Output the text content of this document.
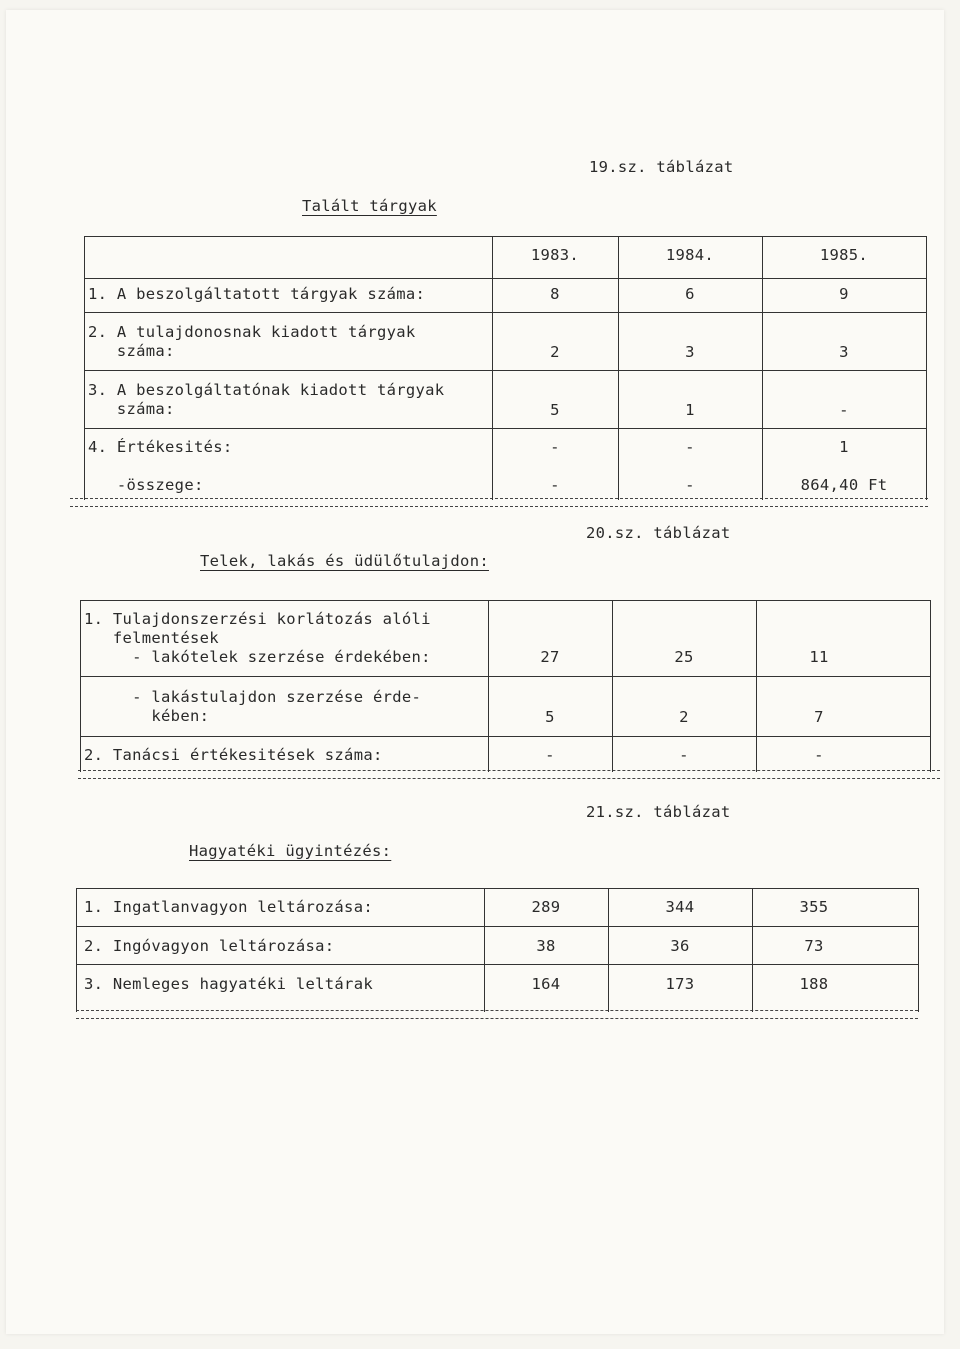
19.sz. táblázat
Talált tárgyak
1983.	1984.	1985.
1. A beszolgáltatott tárgyak száma:	8	6	9
2. A tulajdonosnak kiadott tárgyak
száma:	2	3	3
3. A beszolgáltatónak kiadott tárgyak
száma:	5	1	-
4. Értékesités:	-	-	1
-összege:	-	-	864,40 Ft
20.sz. táblázat
Telek, lakás és üdülőtulajdon:
1. Tulajdonszerzési korlátozás alóli
felmentések
- lakótelek szerzése érdekében:	27	25	11
- lakástulajdon szerzése érde-
kében:	5	2	7
2. Tanácsi értékesitések száma:	-	-	-
21.sz. táblázat
Hagyatéki ügyintézés:
1. Ingatlanvagyon leltározása:	289	344	355
2. Ingóvagyon leltározása:	38	36	73
3. Nemleges hagyatéki leltárak	164	173	188
